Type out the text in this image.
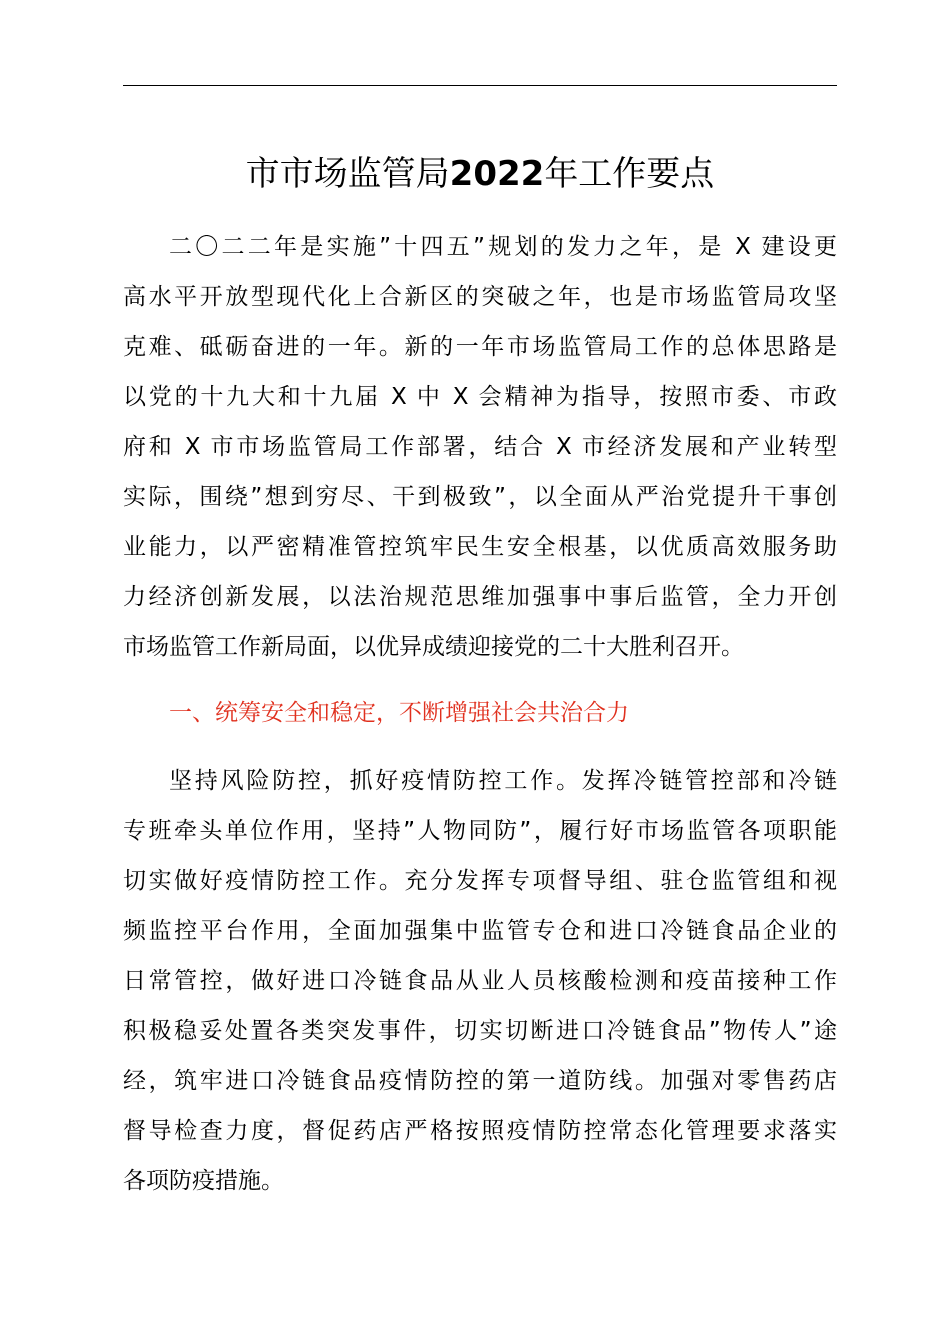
市市场监管局2022年工作要点
二〇二二年是实施”十四五”规划的发力之年，是 X 建设更
高水平开放型现代化上合新区的突破之年，也是市场监管局攻坚
克难、砥砺奋进的一年。新的一年市场监管局工作的总体思路是
以党的十九大和十九届 X 中 X 会精神为指导，按照市委、市政
府和 X 市市场监管局工作部署，结合 X 市经济发展和产业转型
实际，围绕”想到穷尽、干到极致”，以全面从严治党提升干事创
业能力，以严密精准管控筑牢民生安全根基，以优质高效服务助
力经济创新发展，以法治规范思维加强事中事后监管，全力开创
市场监管工作新局面，以优异成绩迎接党的二十大胜利召开。
一、统筹安全和稳定，不断增强社会共治合力
坚持风险防控，抓好疫情防控工作。发挥冷链管控部和冷链
专班牵头单位作用，坚持”人物同防”，履行好市场监管各项职能
切实做好疫情防控工作。充分发挥专项督导组、驻仓监管组和视
频监控平台作用，全面加强集中监管专仓和进口冷链食品企业的
日常管控，做好进口冷链食品从业人员核酸检测和疫苗接种工作
积极稳妥处置各类突发事件，切实切断进口冷链食品”物传人”途
经，筑牢进口冷链食品疫情防控的第一道防线。加强对零售药店
督导检查力度，督促药店严格按照疫情防控常态化管理要求落实
各项防疫措施。
